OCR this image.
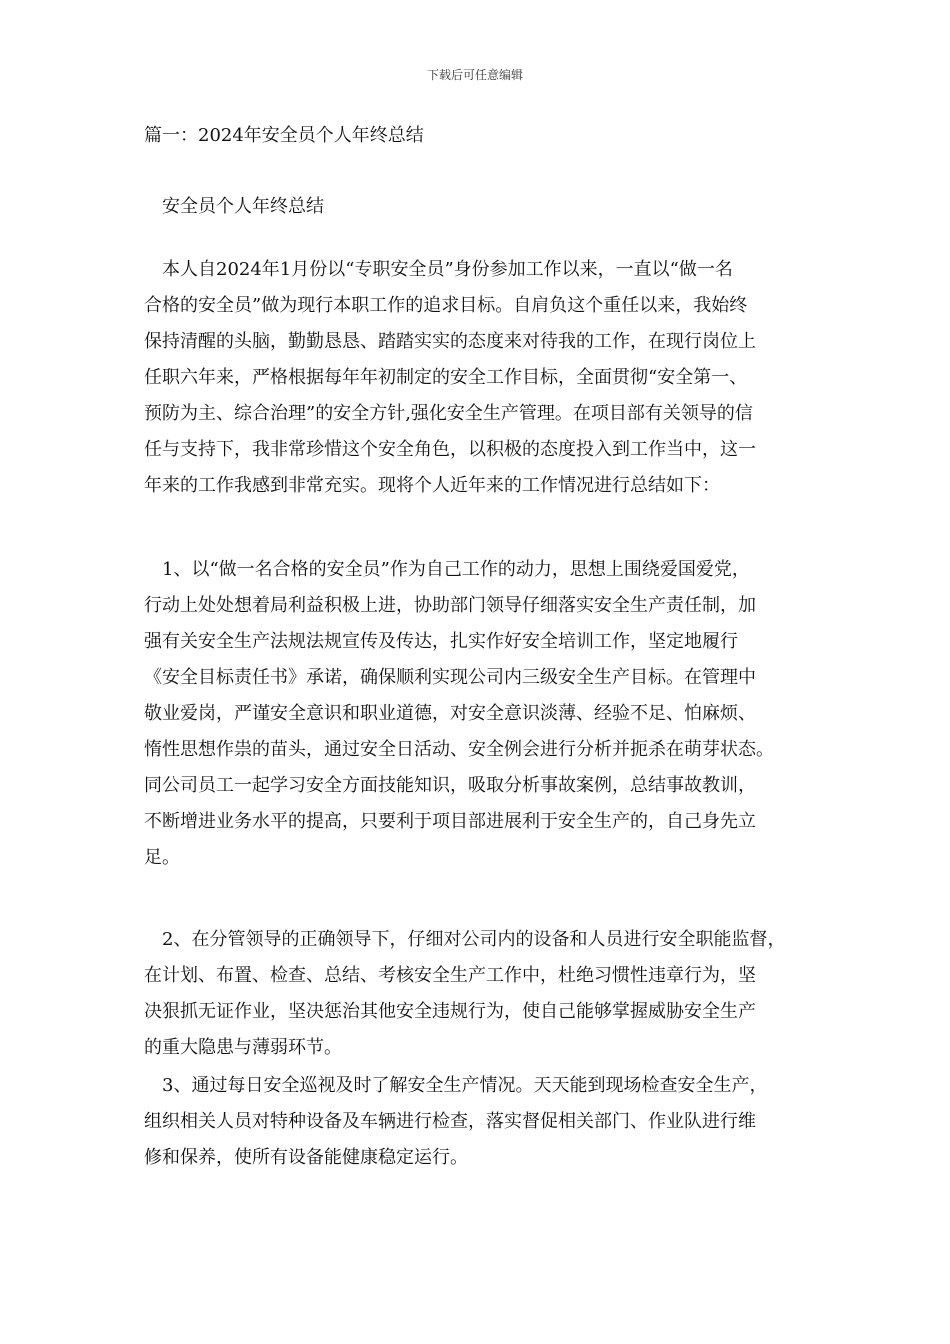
下载后可任意编辑
篇一：2024年安全员个人年终总结
安全员个人年终总结
　本人自2024年1月份以“专职安全员”身份参加工作以来，一直以“做一名
合格的安全员”做为现行本职工作的追求目标。自肩负这个重任以来，我始终
保持清醒的头脑，勤勤恳恳、踏踏实实的态度来对待我的工作，在现行岗位上
任职六年来，严格根据每年年初制定的安全工作目标，全面贯彻“安全第一、
预防为主、综合治理”的安全方针,强化安全生产管理。在项目部有关领导的信
任与支持下，我非常珍惜这个安全角色，以积极的态度投入到工作当中，这一
年来的工作我感到非常充实。现将个人近年来的工作情况进行总结如下：
　1、以“做一名合格的安全员”作为自己工作的动力，思想上围绕爱国爱党，
行动上处处想着局利益积极上进，协助部门领导仔细落实安全生产责任制，加
强有关安全生产法规法规宣传及传达，扎实作好安全培训工作，坚定地履行
《安全目标责任书》承诺，确保顺利实现公司内三级安全生产目标。在管理中
敬业爱岗，严谨安全意识和职业道德，对安全意识淡薄、经验不足、怕麻烦、
惰性思想作祟的苗头，通过安全日活动、安全例会进行分析并扼杀在萌芽状态。
同公司员工一起学习安全方面技能知识，吸取分析事故案例，总结事故教训，
不断增进业务水平的提高，只要利于项目部进展利于安全生产的，自己身先立
足。
　2、在分管领导的正确领导下，仔细对公司内的设备和人员进行安全职能监督，
在计划、布置、检查、总结、考核安全生产工作中，杜绝习惯性违章行为，坚
决狠抓无证作业，坚决惩治其他安全违规行为，使自己能够掌握威胁安全生产
的重大隐患与薄弱环节。
　3、通过每日安全巡视及时了解安全生产情况。天天能到现场检查安全生产，
组织相关人员对特种设备及车辆进行检查，落实督促相关部门、作业队进行维
修和保养，使所有设备能健康稳定运行。
